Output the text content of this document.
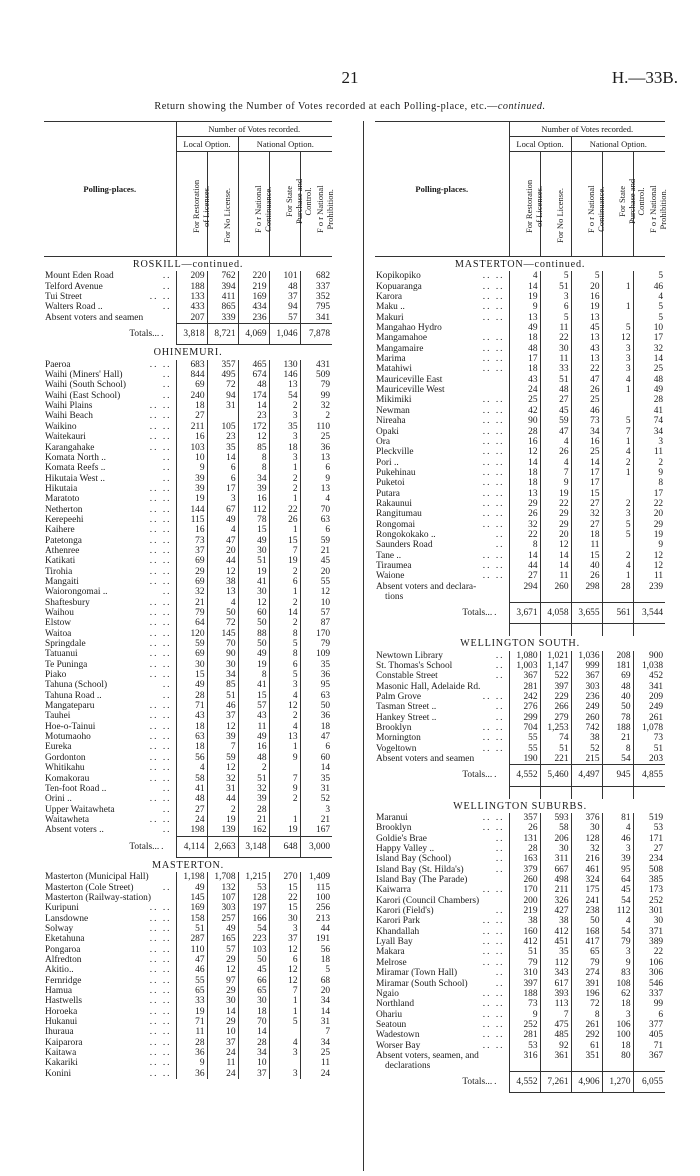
21	H.—33B.
Return showing the Number of Votes recorded at each Polling-place, etc.—continued.
Polling-places.	Number of Votes recorded.				
	Local Option.		National Option.		

	For Restoration
of Licenses.	For No License.	F o r National
Continuance.	For State
Purchase and
Control.	F o r National
Prohibition.

ROSKILL—continued.					

..
Mount Eden Road	209	762	220	101	682

..
Telford Avenue	188	394	219	48	337

.. ..
Tui Street	133	411	169	37	352

..
Walters Road ..	433	865	434	94	795
Absent voters and seamen	207	339	236	57	341

..
Totals..	3,818	8,721	4,069	1,046	7,878
OHINEMURI.					

.. ..
Paeroa	683	357	465	130	431

..
Waihi (Miners' Hall)	844	495	674	146	509

..
Waihi (South School)	69	72	48	13	79

..
Waihi (East School)	240	94	174	54	99

.. ..
Waihi Plains	18	31	14	2	32

.. ..
Waihi Beach	27		23	3	2

.. ..
Waikino	211	105	172	35	110

.. ..
Waitekauri	16	23	12	3	25

.. ..
Karangahake	103	35	85	18	36

..
Komata North ..	10	14	8	3	13

..
Komata Reefs ..	9	6	8	1	6

..
Hikutaia West ..	39	6	34	2	9

.. ..
Hikutaia	39	17	39	2	13

.. ..
Maratoto	19	3	16	1	4

.. ..
Netherton	144	67	112	22	70

.. ..
Kerepeehi	115	49	78	26	63

.. ..
Kaihere	16	4	15	1	6

.. ..
Patetonga	73	47	49	15	59

.. ..
Athenree	37	20	30	7	21

.. ..
Katikati	69	44	51	19	45

.. ..
Tirohia	29	12	19	2	20

.. ..
Mangaiti	69	38	41	6	55

..
Waiorongomai ..	32	13	30	1	12

.. ..
Shaftesbury	21	4	12	2	10

.. ..
Waihou	79	50	60	14	57

.. ..
Elstow	64	72	50	2	87

.. ..
Waitoa	120	145	88	8	170

.. ..
Springdale	59	70	50	5	79

.. ..
Tatuanui	69	90	49	8	109

.. ..
Te Puninga	30	30	19	6	35

.. ..
Piako	15	34	8	5	36

..
Tahuna (School)	49	85	41	3	95

..
Tahuna Road ..	28	51	15	4	63

.. ..
Mangateparu	71	46	57	12	50

.. ..
Tauhei	43	37	43	2	36

.. ..
Hoe-o-Tainui	18	12	11	4	18

.. ..
Motumaoho	63	39	49	13	47

.. ..
Eureka	18	7	16	1	6

.. ..
Gordonton	56	59	48	9	60

.. ..
Whitikahu	4	12	2		14

.. ..
Komakorau	58	32	51	7	35

..
Ten-foot Road ..	41	31	32	9	31

.. ..
Orini ..	48	44	39	2	52

..
Upper Waitawheta	27	2	28		3

.. ..
Waitawheta	24	19	21	1	21

..
Absent voters ..	198	139	162	19	167

..
Totals..	4,114	2,663	3,148	648	3,000
MASTERTON.					
Masterton (Municipal Hall)	1,198	1,708	1,215	270	1,409

..
Masterton (Cole Street)	49	132	53	15	115
Masterton (Railway-station)	145	107	128	22	100

.. ..
Kuripuni	169	303	197	15	256

.. ..
Lansdowne	158	257	166	30	213

.. ..
Solway	51	49	54	3	44

.. ..
Eketahuna	287	165	223	37	191

.. ..
Pongaroa	110	57	103	12	56

.. ..
Alfredton	47	29	50	6	18

.. ..
Akitio..	46	12	45	12	5

.. ..
Fernridge	55	97	66	12	68

.. ..
Hamua	65	29	65	7	20

.. ..
Hastwells	33	30	30	1	34

.. ..
Horoeka	19	14	18	1	14

.. ..
Hukanui	71	29	70	5	31

.. ..
Ihuraua	11	10	14		7

.. ..
Kaiparora	28	37	28	4	34

.. ..
Kaitawa	36	24	34	3	25

.. ..
Kakariki	9	11	10		11

.. ..
Konini	36	24	37	3	24
Polling-places.	Number of Votes recorded.				
	Local Option.		National Option.		

	For Restoration
of Licenses.	For No License.	F o r National
Continuance.	For State
Purchase and
Control.	F o r National
Prohibition.

MASTERTON—continued.					

.. ..
Kopikopiko	4	5	5		5

.. ..
Kopuaranga	14	51	20	1	46

.. ..
Karora	19	3	16		4

.. ..
Maku ..	9	6	19	1	5

.. ..
Makuri	13	5	13		5
Mangahao Hydro	49	11	45	5	10

.. ..
Mangamahoe	18	22	13	12	17

.. ..
Mangamaire	48	30	43	3	32

.. ..
Marima	17	11	13	3	14

.. ..
Matahiwi	18	33	22	3	25
Mauriceville East	43	51	47	4	48
Mauriceville West	24	48	26	1	49

.. ..
Mikimiki	25	27	25		28

.. ..
Newman	42	45	46		41

.. ..
Nireaha	90	59	73	5	74

.. ..
Opaki	28	47	34	7	34

.. ..
Ora	16	4	16	1	3

.. ..
Pleckville	12	26	25	4	11

.. ..
Pori ..	14	4	14	2	2

.. ..
Pukehinau	18	7	17	1	9

.. ..
Puketoi	18	9	17		8

.. ..
Putara	13	19	15		17

.. ..
Rakaunui	29	22	27	2	22

.. ..
Rangitumau	26	29	32	3	20

.. ..
Rongomai	32	29	27	5	29

..
Rongokokako ..	22	20	18	5	19

..
Saunders Road	8	12	11		9

.. ..
Tane ..	14	14	15	2	12

.. ..
Tiraumea	44	14	40	4	12

.. ..
Waione	27	11	26	1	11
Absent voters and declara-	294	260	298	28	239
tions					

..
Totals..	3,671	4,058	3,655	561	3,544

WELLINGTON SOUTH.					

..
Newtown Library	1,080	1,021	1,036	208	900

..
St. Thomas's School	1,003	1,147	999	181	1,038

..
Constable Street	367	522	367	69	452
Masonic Hall, Adelaide Rd.	281	397	303	48	341

.. ..
Palm Grove	242	229	236	40	209

..
Tasman Street ..	276	266	249	50	249

..
Hankey Street ..	299	279	260	78	261

.. ..
Brooklyn	704	1,253	742	188	1,078

.. ..
Mornington	55	74	38	21	73

.. ..
Vogeltown	55	51	52	8	51
Absent voters and seamen	190	221	215	54	203

..
Totals..	4,552	5,460	4,497	945	4,855

WELLINGTON SUBURBS.					

.. ..
Maranui	357	593	376	81	519

.. ..
Brooklyn	26	58	30	4	53

..
Goldie's Brae	131	206	128	46	171

..
Happy Valley ..	28	30	32	3	27

..
Island Bay (School)	163	311	216	39	234

..
Island Bay (St. Hilda's)	379	667	461	95	508
Island Bay (The Parade)	260	498	324	64	385

.. ..
Kaiwarra	170	211	175	45	173
Karori (Council Chambers)	200	326	241	54	252

..
Karori (Field's)	219	427	238	112	301

.. ..
Karori Park	38	38	50	4	30

.. ..
Khandallah	160	412	168	54	371

.. ..
Lyall Bay	412	451	417	79	389

.. ..
Makara	51	35	65	3	22

.. ..
Melrose	79	112	79	9	106

..
Miramar (Town Hall)	310	343	274	83	306

..
Miramar (South School)	397	617	391	108	546

.. ..
Ngaio	188	393	196	62	337

.. ..
Northland	73	113	72	18	99

.. ..
Ohariu	9	7	8	3	6

.. ..
Seatoun	252	475	261	106	377

.. ..
Wadestown	281	485	292	100	405

.. ..
Worser Bay	53	92	61	18	71
Absent voters, seamen, and	316	361	351	80	367
declarations					

..
Totals..	4,552	7,261	4,906	1,270	6,055
